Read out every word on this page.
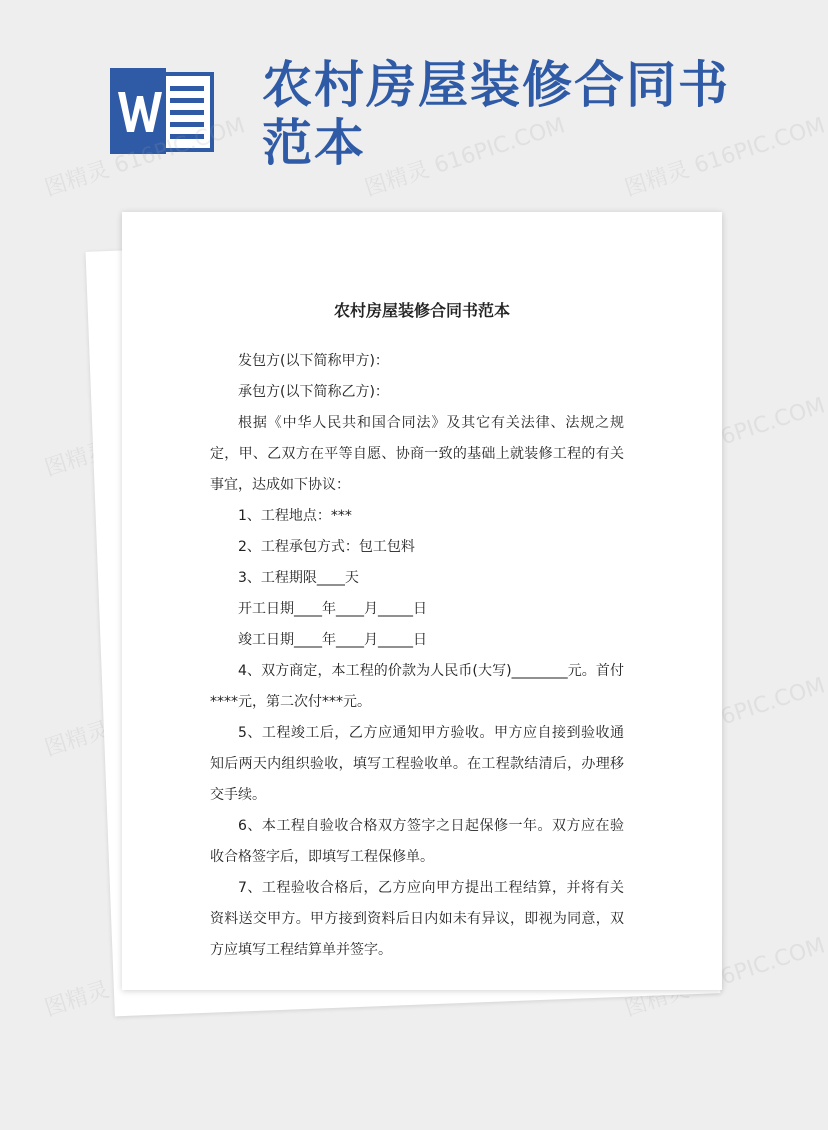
农村房屋装修合同书范本
图精灵 616PIC.COM	图精灵 616PIC.COM 图精灵 616PIC.COM
图精灵	图精灵 616PIC.COM
图精灵	图精灵 616PIC.COM
图精灵	图精灵 616PIC.COM
农村房屋装修合同书范本

发包方(以下简称甲方)：

承包方(以下简称乙方)：

根据《中华人民共和国合同法》及其它有关法律、法规之规定，甲、乙双方在平等自愿、协商一致的基础上就装修工程的有关事宜，达成如下协议：

1、工程地点：***

2、工程承包方式：包工包料

3、工程期限____天

开工日期____年____月_____日

竣工日期____年____月_____日

4、双方商定，本工程的价款为人民币(大写)________元。首付****元，第二次付***元。

5、工程竣工后，乙方应通知甲方验收。甲方应自接到验收通知后两天内组织验收，填写工程验收单。在工程款结清后，办理移交手续。

6、本工程自验收合格双方签字之日起保修一年。双方应在验收合格签字后，即填写工程保修单。

7、工程验收合格后，乙方应向甲方提出工程结算，并将有关资料送交甲方。甲方接到资料后日内如未有异议，即视为同意，双方应填写工程结算单并签字。
